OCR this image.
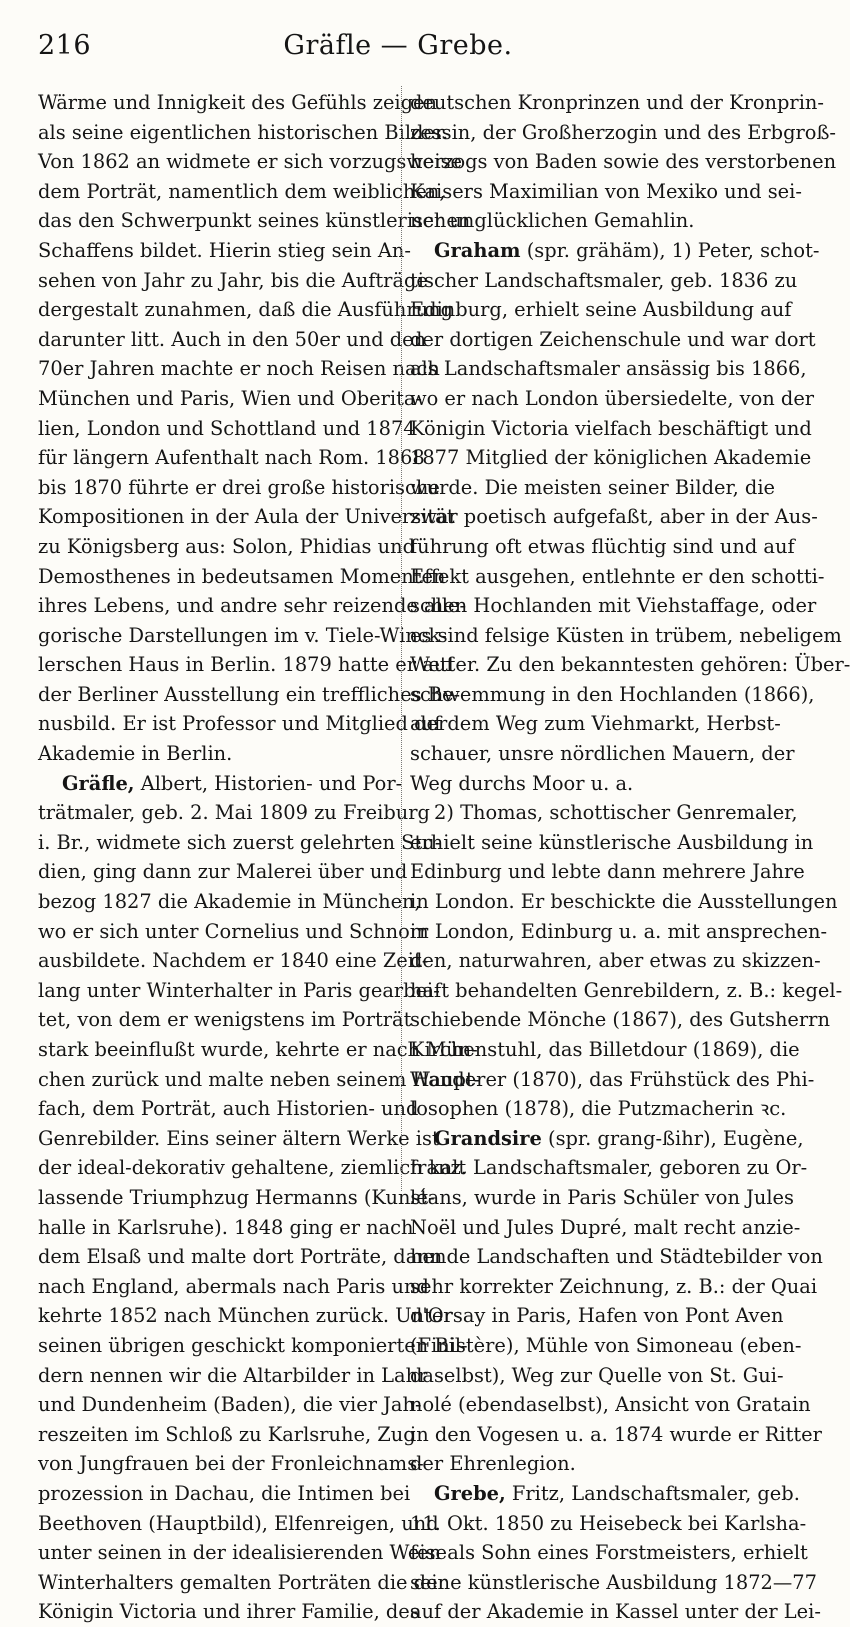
216	Gräfle — Grebe.
Wärme und Innigkeit des Gefühls zeigen
als seine eigentlichen historischen Bilder.
Von 1862 an widmete er sich vorzugsweise
dem Porträt, namentlich dem weiblichen,
das den Schwerpunkt seines künstlerischen
Schaffens bildet. Hierin stieg sein An-
sehen von Jahr zu Jahr, bis die Aufträge
dergestalt zunahmen, daß die Ausführung
darunter litt. Auch in den 50er und den
70er Jahren machte er noch Reisen nach
München und Paris, Wien und Oberita-
lien, London und Schottland und 1874
für längern Aufenthalt nach Rom. 1868
bis 1870 führte er drei große historische
Kompositionen in der Aula der Universität
zu Königsberg aus: Solon, Phidias und
Demosthenes in bedeutsamen Momenten
ihres Lebens, und andre sehr reizende alle-
gorische Darstellungen im v. Tiele-Winck-
lerschen Haus in Berlin. 1879 hatte er auf
der Berliner Ausstellung ein treffliches Be-
nusbild. Er ist Professor und Mitglied der
Akademie in Berlin.
Gräfle, Albert, Historien- und Por-
trätmaler, geb. 2. Mai 1809 zu Freiburg
i. Br., widmete sich zuerst gelehrten Stu-
dien, ging dann zur Malerei über und
bezog 1827 die Akademie in München,
wo er sich unter Cornelius und Schnorr
ausbildete. Nachdem er 1840 eine Zeit-
lang unter Winterhalter in Paris gearbei-
tet, von dem er wenigstens im Porträt
stark beeinflußt wurde, kehrte er nach Mün-
chen zurück und malte neben seinem Haupt-
fach, dem Porträt, auch Historien- und
Genrebilder. Eins seiner ältern Werke ist
der ideal-dekorativ gehaltene, ziemlich kalt
lassende Triumphzug Hermanns (Kunst-
halle in Karlsruhe). 1848 ging er nach
dem Elsaß und malte dort Porträte, dann
nach England, abermals nach Paris und
kehrte 1852 nach München zurück. Unter
seinen übrigen geschickt komponierten Bil-
dern nennen wir die Altarbilder in Lahr
und Dundenheim (Baden), die vier Jah-
reszeiten im Schloß zu Karlsruhe, Zug
von Jungfrauen bei der Fronleichnams-
prozession in Dachau, die Intimen bei
Beethoven (Hauptbild), Elfenreigen, und
unter seinen in der idealisierenden Weise
Winterhalters gemalten Porträten die der
Königin Victoria und ihrer Familie, des
deutschen Kronprinzen und der Kronprin-
zessin, der Großherzogin und des Erbgroß-
herzogs von Baden sowie des verstorbenen
Kaisers Maximilian von Mexiko und sei-
ner unglücklichen Gemahlin.
Graham (spr. grähäm), 1) Peter, schot-
tischer Landschaftsmaler, geb. 1836 zu
Edinburg, erhielt seine Ausbildung auf
der dortigen Zeichenschule und war dort
als Landschaftsmaler ansässig bis 1866,
wo er nach London übersiedelte, von der
Königin Victoria vielfach beschäftigt und
1877 Mitglied der königlichen Akademie
wurde. Die meisten seiner Bilder, die
zwar poetisch aufgefaßt, aber in der Aus-
führung oft etwas flüchtig sind und auf
Effekt ausgehen, entlehnte er den schotti-
schen Hochlanden mit Viehstaffage, oder
es sind felsige Küsten in trübem, nebeligem
Wetter. Zu den bekanntesten gehören: Über-
schwemmung in den Hochlanden (1866),
auf dem Weg zum Viehmarkt, Herbst-
schauer, unsre nördlichen Mauern, der
Weg durchs Moor u. a.
2) Thomas, schottischer Genremaler,
erhielt seine künstlerische Ausbildung in
Edinburg und lebte dann mehrere Jahre
in London. Er beschickte die Ausstellungen
in London, Edinburg u. a. mit ansprechen-
den, naturwahren, aber etwas zu skizzen-
haft behandelten Genrebildern, z. B.: kegel-
schiebende Mönche (1867), des Gutsherrn
Kirchenstuhl, das Billetdour (1869), die
Wanderer (1870), das Frühstück des Phi-
losophen (1878), die Putzmacherin ꝛc.
Grandsire (spr. grang-ßihr), Eugène,
franz. Landschaftsmaler, geboren zu Or-
léans, wurde in Paris Schüler von Jules
Noël und Jules Dupré, malt recht anzie-
hende Landschaften und Städtebilder von
sehr korrekter Zeichnung, z. B.: der Quai
d'Orsay in Paris, Hafen von Pont Aven
(Finistère), Mühle von Simoneau (eben-
daselbst), Weg zur Quelle von St. Gui-
nolé (ebendaselbst), Ansicht von Gratain
in den Vogesen u. a. 1874 wurde er Ritter
der Ehrenlegion.
Grebe, Fritz, Landschaftsmaler, geb.
11. Okt. 1850 zu Heisebeck bei Karlsha-
fen als Sohn eines Forstmeisters, erhielt
seine künstlerische Ausbildung 1872—77
auf der Akademie in Kassel unter der Lei-
